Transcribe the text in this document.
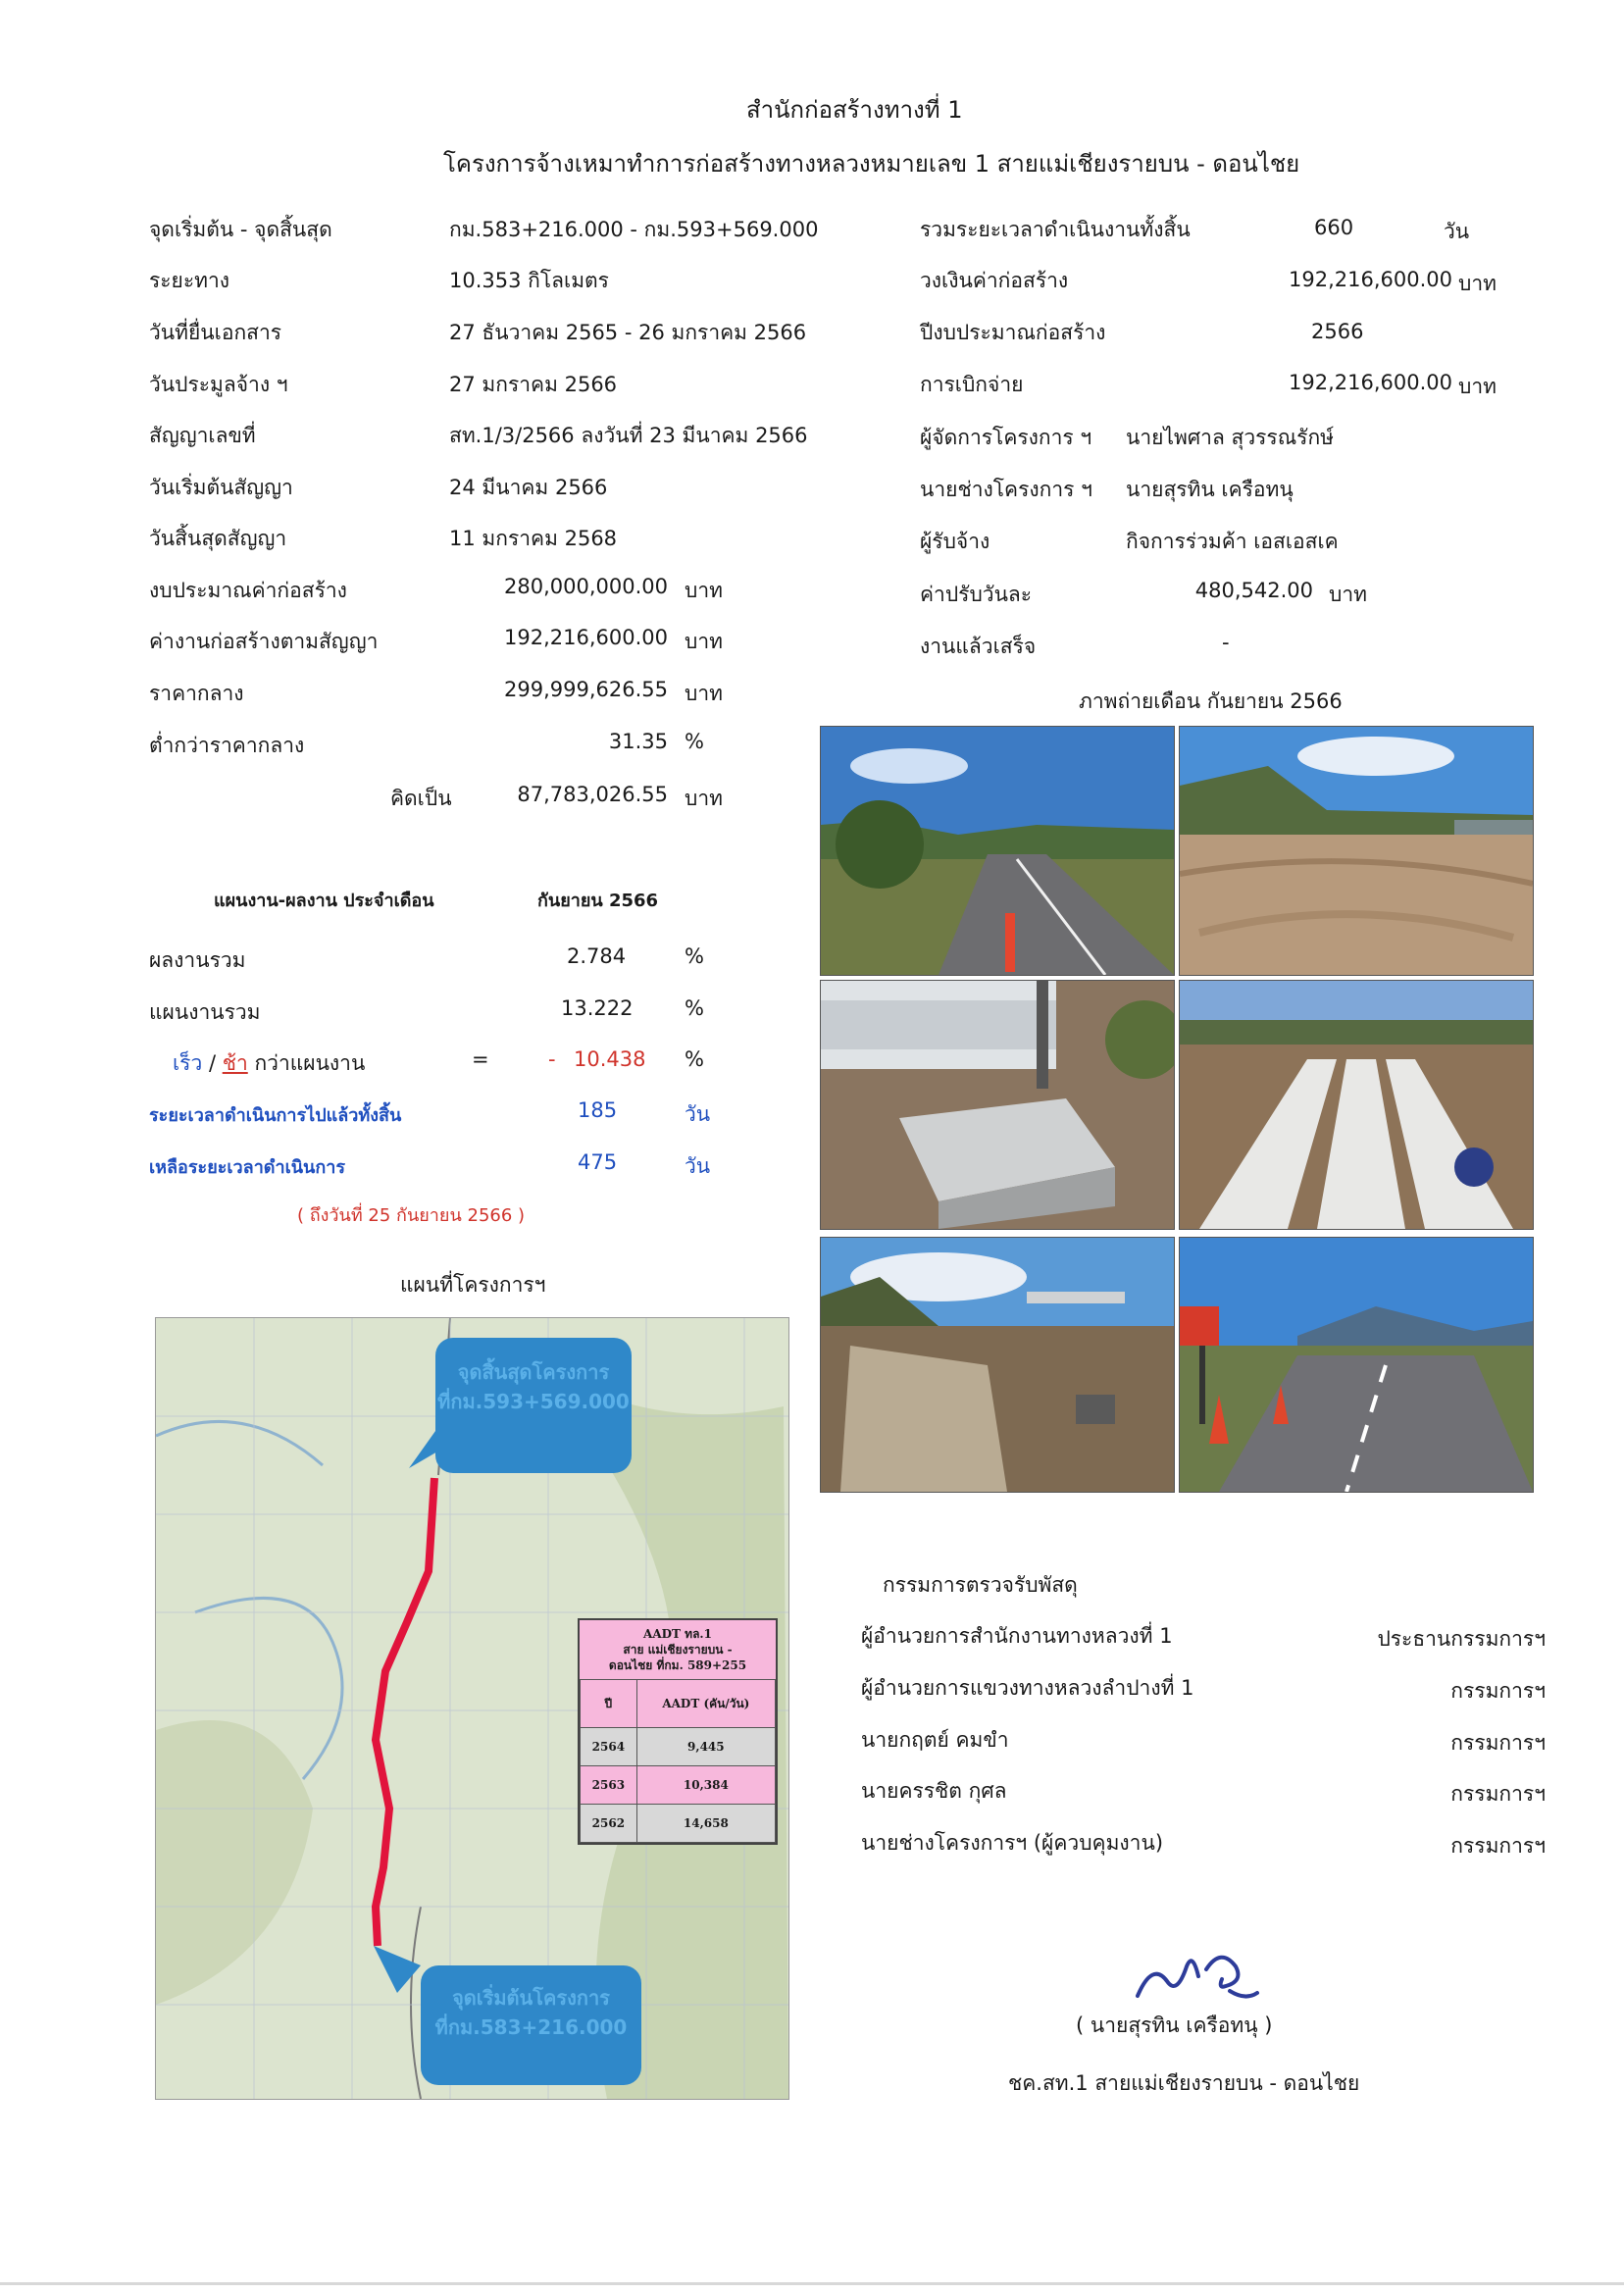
สำนักก่อสร้างทางที่ 1
โครงการจ้างเหมาทำการก่อสร้างทางหลวงหมายเลข 1 สายแม่เชียงรายบน - ดอนไชย
จุดเริ่มต้น - จุดสิ้นสุด	กม.583+216.000 - กม.593+569.000
ระยะทาง	10.353 กิโลเมตร
วันที่ยื่นเอกสาร	27 ธันวาคม 2565 - 26 มกราคม 2566
วันประมูลจ้าง ฯ	27 มกราคม 2566
สัญญาเลขที่	สท.1/3/2566 ลงวันที่ 23 มีนาคม 2566
วันเริ่มต้นสัญญา	24 มีนาคม 2566
วันสิ้นสุดสัญญา	11 มกราคม 2568
งบประมาณค่าก่อสร้าง	280,000,000.00 บาท
ค่างานก่อสร้างตามสัญญา	192,216,600.00 บาท
ราคากลาง	299,999,626.55 บาท
ต่ำกว่าราคากลาง	31.35 %
คิดเป็น	87,783,026.55 บาท
รวมระยะเวลาดำเนินงานทั้งสิ้น	660	วัน
วงเงินค่าก่อสร้าง	192,216,600.00 บาท
ปีงบประมาณก่อสร้าง	2566
การเบิกจ่าย	192,216,600.00 บาท
ผู้จัดการโครงการ ฯ นายไพศาล สุวรรณรักษ์
นายช่างโครงการ ฯ นายสุรทิน เครือทนุ
ผู้รับจ้าง	กิจการร่วมค้า เอสเอสเค
ค่าปรับวันละ	480,542.00 บาท
งานแล้วเสร็จ	-
แผนงาน-ผลงาน ประจำเดือน	กันยายน 2566
ผลงานรวม	2.784	%
แผนงานรวม	13.222	%
เร็ว / ช้า กว่าแผนงาน	=	- 10.438 %
ระยะเวลาดำเนินการไปแล้วทั้งสิ้น	185	วัน
เหลือระยะเวลาดำเนินการ	475	วัน
( ถึงวันที่ 25 กันยายน 2566 )
ภาพถ่ายเดือน กันยายน 2566
แผนที่โครงการฯ
จุดสิ้นสุดโครงการ
ที่กม.593+569.000
จุดเริ่มต้นโครงการ
ที่กม.583+216.000
AADT ทล.1
สาย แม่เชียงรายบน -
ดอนไชย ที่กม. 589+255
ปี	AADT (คัน/วัน)
2564	9,445
2563	10,384
2562	14,658
กรรมการตรวจรับพัสดุ
ผู้อำนวยการสำนักงานทางหลวงที่ 1	ประธานกรรมการฯ
ผู้อำนวยการแขวงทางหลวงลำปางที่ 1	กรรมการฯ
นายกฤตย์ คมขำ	กรรมการฯ
นายครรชิต กุศล	กรรมการฯ
นายช่างโครงการฯ (ผู้ควบคุมงาน)	กรรมการฯ
( นายสุรทิน เครือทนุ )
ชค.สท.1 สายแม่เชียงรายบน - ดอนไชย
